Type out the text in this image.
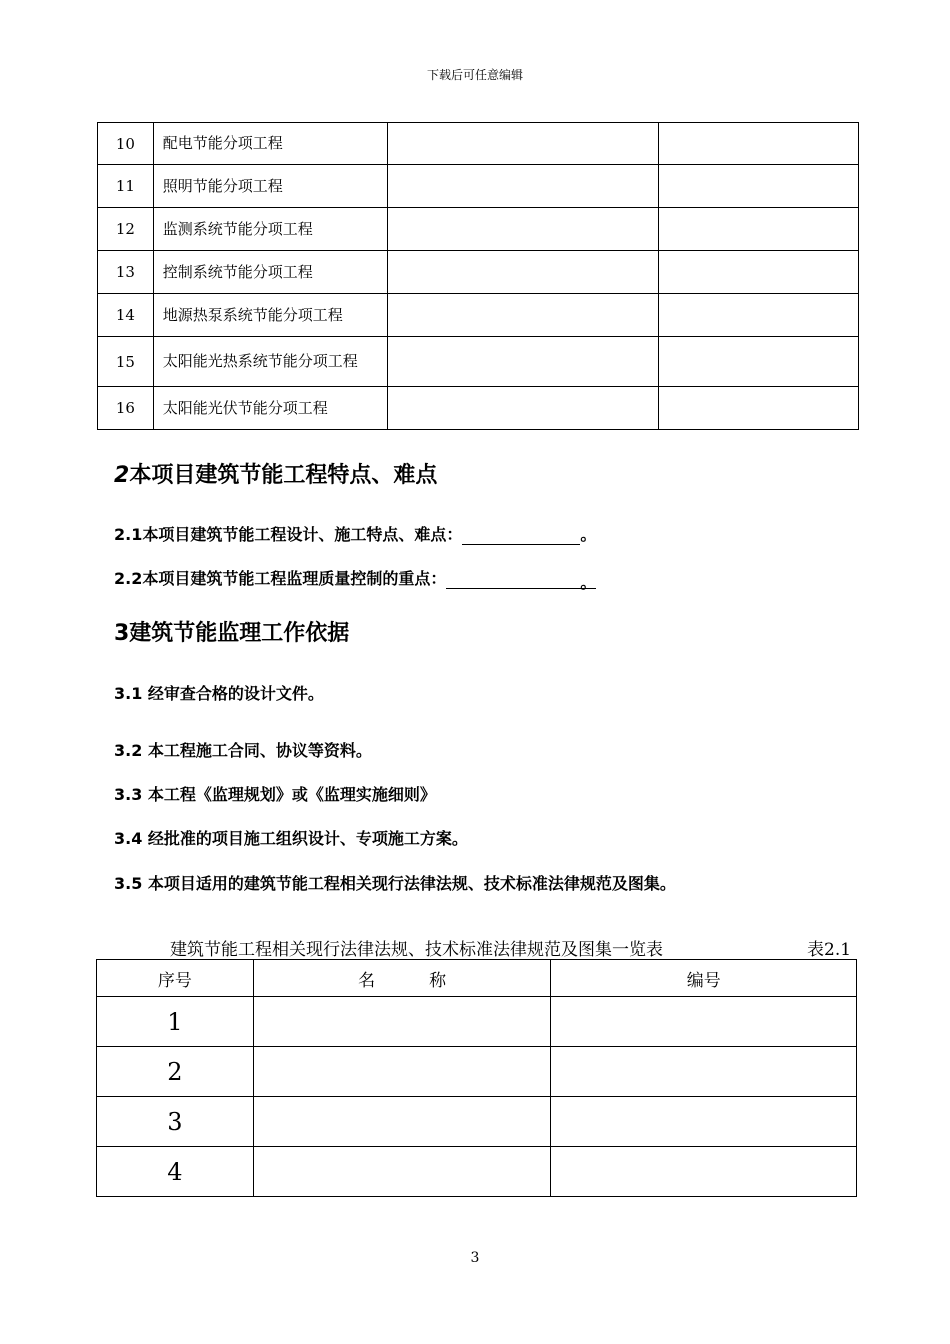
下载后可任意编辑
10	配电节能分项工程		
11	照明节能分项工程		
12	监测系统节能分项工程		
13	控制系统节能分项工程		
14	地源热泵系统节能分项工程		
15	太阳能光热系统节能分项工程		
16	太阳能光伏节能分项工程		
2本项目建筑节能工程特点、难点

2.1本项目建筑节能工程设计、施工特点、难点：	。

2.2本项目建筑节能工程监理质量控制的重点：	。

3建筑节能监理工作依据

3.1 经审查合格的设计文件。

3.2 本工程施工合同、协议等资料。

3.3 本工程《监理规划》或《监理实施细则》

3.4 经批准的项目施工组织设计、专项施工方案。

3.5 本项目适用的建筑节能工程相关现行法律法规、技术标准法律规范及图集。

建筑节能工程相关现行法律法规、技术标准法律规范及图集一览表	表2.1
序号	名          称	编号
1		
2		
3		
4		
3
